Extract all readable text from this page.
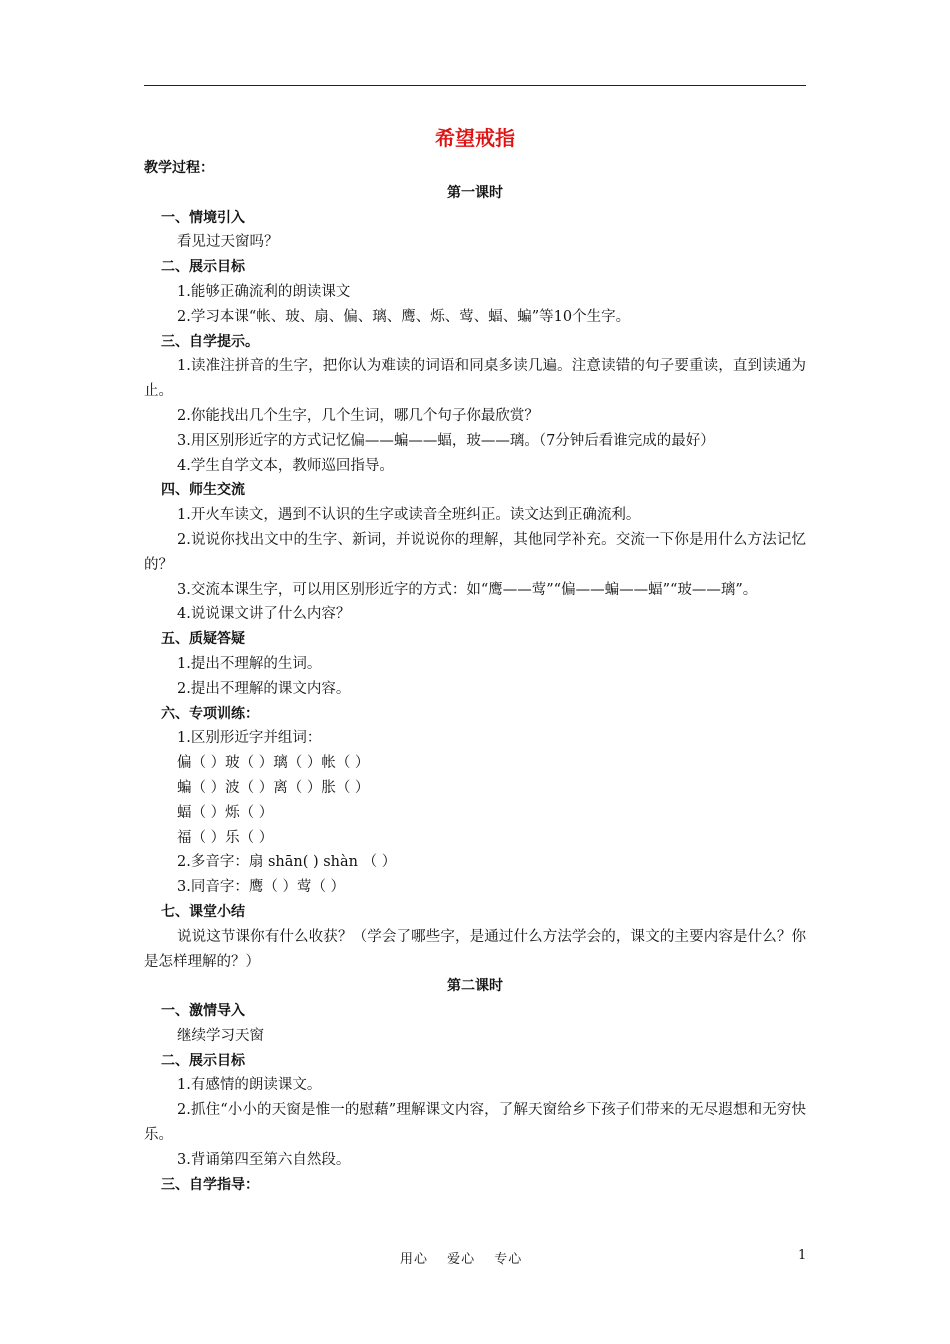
希望戒指

教学过程：

第一课时

一、情境引入

看见过天窗吗？

二、展示目标

1.能够正确流利的朗读课文

2.学习本课“帐、玻、扇、偏、璃、鹰、烁、莺、蝠、蝙”等10个生字。

三、自学提示。

1.读准注拼音的生字，把你认为难读的词语和同桌多读几遍。注意读错的句子要重读，直到读通为止。

2.你能找出几个生字，几个生词，哪几个句子你最欣赏？

3.用区别形近字的方式记忆偏——蝙——蝠，玻——璃。（7分钟后看谁完成的最好）

4.学生自学文本，教师巡回指导。

四、师生交流

1.开火车读文，遇到不认识的生字或读音全班纠正。读文达到正确流利。

2.说说你找出文中的生字、新词，并说说你的理解，其他同学补充。交流一下你是用什么方法记忆的？

3.交流本课生字，可以用区别形近字的方式：如“鹰——莺”“偏——蝙——蝠”“玻——璃”。

4.说说课文讲了什么内容？

五、质疑答疑

1.提出不理解的生词。

2.提出不理解的课文内容。

六、专项训练：

1.区别形近字并组词：

偏（ ）玻（ ）璃（ ）帐（ ）

蝙（ ）波（ ）离（ ）胀（ ）

蝠（ ）烁（ ）

福（ ）乐（ ）

2.多音字：扇 shān( ) shàn （ ）

3.同音字：鹰（ ）莺（ ）

七、课堂小结

说说这节课你有什么收获？（学会了哪些字，是通过什么方法学会的，课文的主要内容是什么？你是怎样理解的？）

第二课时

一、激情导入

继续学习天窗

二、展示目标

1.有感情的朗读课文。

2.抓住“小小的天窗是惟一的慰藉”理解课文内容，了解天窗给乡下孩子们带来的无尽遐想和无穷快乐。

3.背诵第四至第六自然段。

三、自学指导：

用心 爱心 专心	1
